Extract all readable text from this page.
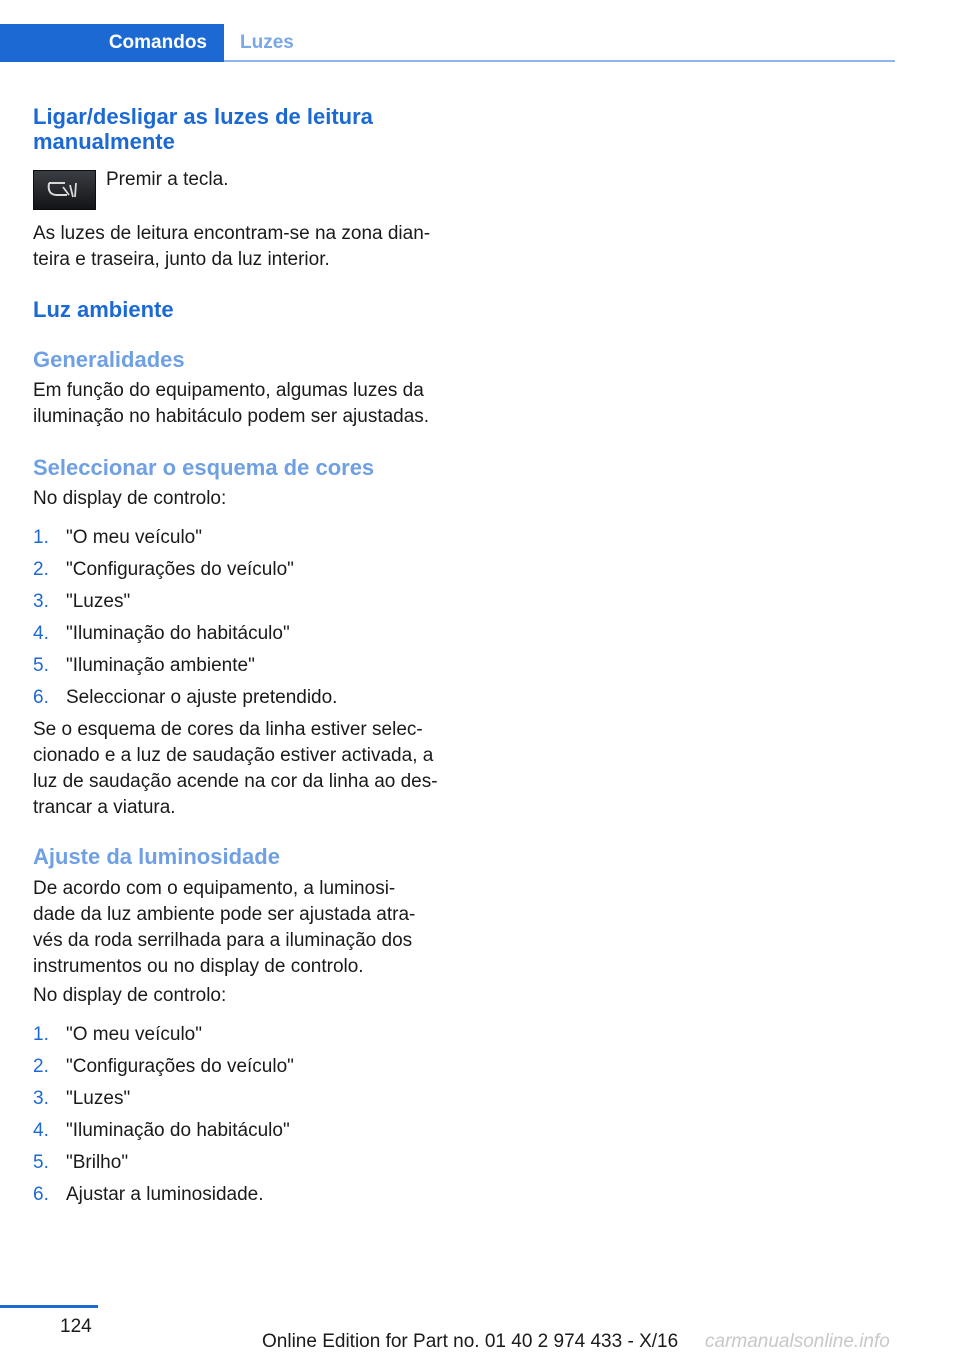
Comandos	Luzes
Ligar/desligar as luzes de leitura
manualmente
Premir a tecla.

As luzes de leitura encontram-se na zona dian-
teira e traseira, junto da luz interior.

Luz ambiente
Generalidades

Em função do equipamento, algumas luzes da
iluminação no habitáculo podem ser ajustadas.

Seleccionar o esquema de cores

No display de controlo:

1. "O meu veículo"
2. "Configurações do veículo"
3. "Luzes"
4. "Iluminação do habitáculo"
5. "Iluminação ambiente"
6. Seleccionar o ajuste pretendido.

Se o esquema de cores da linha estiver selec-
cionado e a luz de saudação estiver activada, a
luz de saudação acende na cor da linha ao des-
trancar a viatura.

Ajuste da luminosidade

De acordo com o equipamento, a luminosi-
dade da luz ambiente pode ser ajustada atra-
vés da roda serrilhada para a iluminação dos
instrumentos ou no display de controlo.

No display de controlo:

1. "O meu veículo"
2. "Configurações do veículo"
3. "Luzes"
4. "Iluminação do habitáculo"
5. "Brilho"
6. Ajustar a luminosidade.
124
Online Edition for Part no. 01 40 2 974 433 - X/16 carmanualsonline.info
